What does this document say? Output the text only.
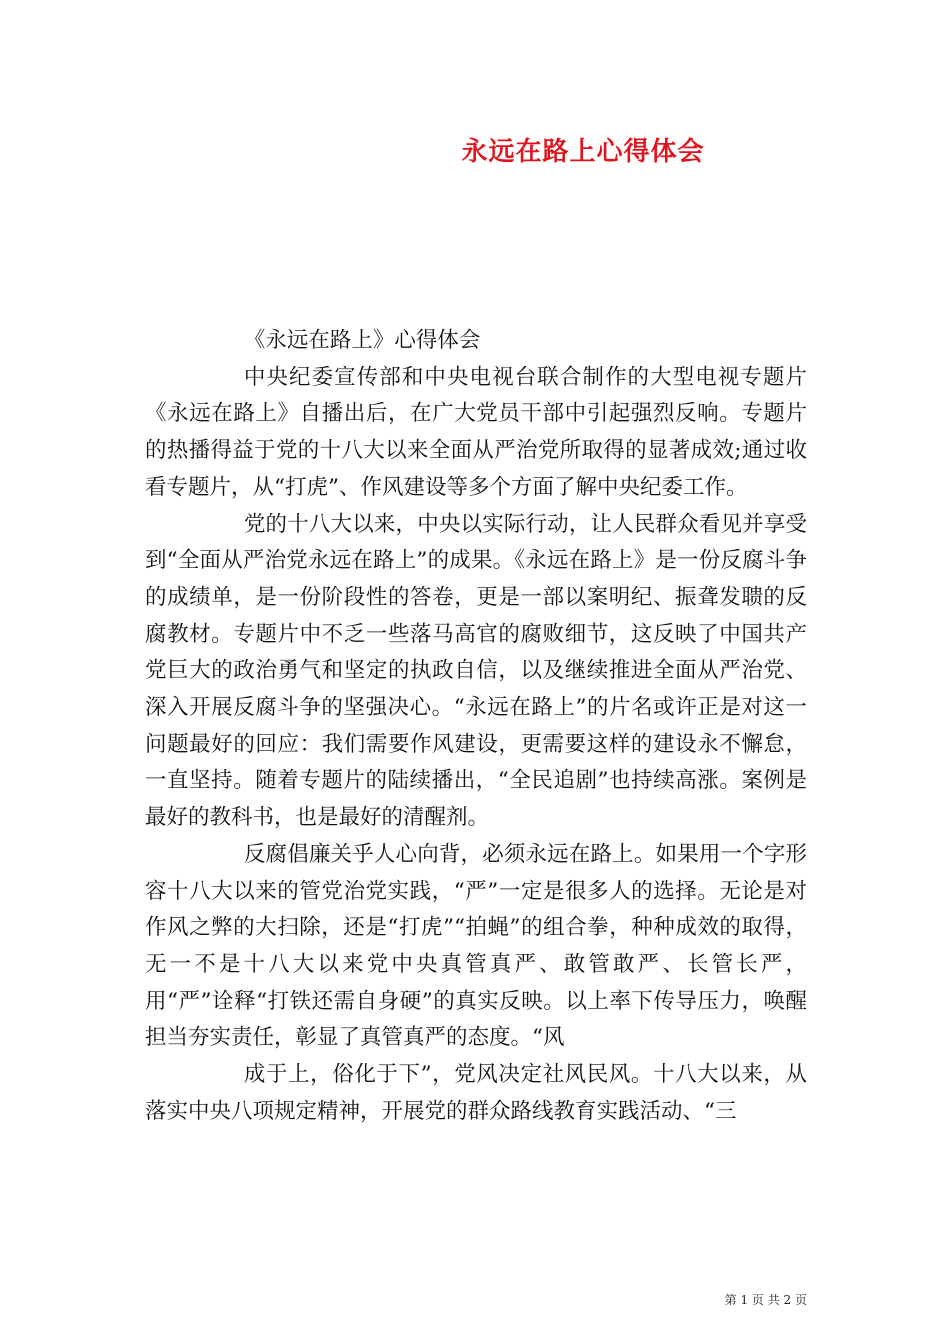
永远在路上心得体会

《永远在路上》心得体会

中央纪委宣传部和中央电视台联合制作的大型电视专题片《永远在路上》自播出后，在广大党员干部中引起强烈反响。专题片的热播得益于党的十八大以来全面从严治党所取得的显著成效;通过收看专题片，从“打虎”、作风建设等多个方面了解中央纪委工作。

党的十八大以来，中央以实际行动，让人民群众看见并享受到“全面从严治党永远在路上”的成果。《永远在路上》是一份反腐斗争的成绩单，是一份阶段性的答卷，更是一部以案明纪、振聋发聩的反腐教材。专题片中不乏一些落马高官的腐败细节，这反映了中国共产党巨大的政治勇气和坚定的执政自信，以及继续推进全面从严治党、深入开展反腐斗争的坚强决心。“永远在路上”的片名或许正是对这一问题最好的回应：我们需要作风建设，更需要这样的建设永不懈怠，一直坚持。随着专题片的陆续播出，“全民追剧”也持续高涨。案例是最好的教科书，也是最好的清醒剂。

反腐倡廉关乎人心向背，必须永远在路上。如果用一个字形容十八大以来的管党治党实践，“严”一定是很多人的选择。无论是对作风之弊的大扫除，还是“打虎”“拍蝇”的组合拳，种种成效的取得，无一不是十八大以来党中央真管真严、敢管敢严、长管长严，用“严”诠释“打铁还需自身硬”的真实反映。以上率下传导压力，唤醒担当夯实责任，彰显了真管真严的态度。“风

成于上，俗化于下”，党风决定社风民风。十八大以来，从落实中央八项规定精神，开展党的群众路线教育实践活动、“三

第 1 页 共 2 页
